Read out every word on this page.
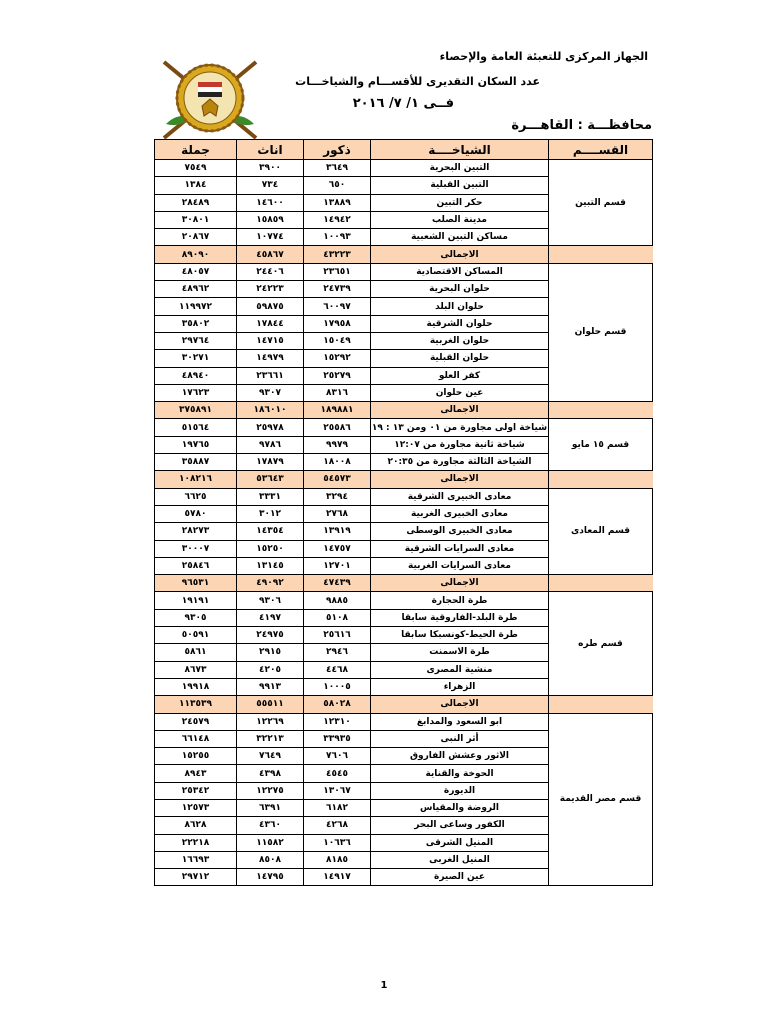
الجهاز المركزى للتعبئة العامة والإحصاء
عدد السكان التقديرى للأقســـام والشياخـــات
فــى ١/ ٧/ ٢٠١٦
محافظـــة : القاهـــرة
القســــم	الشياخــــة	ذكور	اناث	جملة
قسم التبين	التبين البحرية	٣٦٤٩	٣٩٠٠	٧٥٤٩
	التبين القبلية	٦٥٠	٧٣٤	١٣٨٤
	حكر التبين	١٣٨٨٩	١٤٦٠٠	٢٨٤٨٩
	مدينة الصلب	١٤٩٤٢	١٥٨٥٩	٣٠٨٠١
	مساكن التبين الشعبية	١٠٠٩٣	١٠٧٧٤	٢٠٨٦٧
	الاجمالى	٤٣٢٢٣	٤٥٨٦٧	٨٩٠٩٠
قسم حلوان	المساكن الاقتصادية	٢٣٦٥١	٢٤٤٠٦	٤٨٠٥٧
	حلوان البحرية	٢٤٧٣٩	٢٤٢٢٣	٤٨٩٦٢
	حلوان البلد	٦٠٠٩٧	٥٩٨٧٥	١١٩٩٧٢
	حلوان الشرقية	١٧٩٥٨	١٧٨٤٤	٣٥٨٠٢
	حلوان الغربية	١٥٠٤٩	١٤٧١٥	٢٩٧٦٤
	حلوان القبلية	١٥٢٩٢	١٤٩٧٩	٣٠٢٧١
	كفر العلو	٢٥٢٧٩	٢٣٦٦١	٤٨٩٤٠
	عين حلوان	٨٣١٦	٩٣٠٧	١٧٦٢٣
	الاجمالى	١٨٩٨٨١	١٨٦٠١٠	٣٧٥٨٩١
قسم ١٥ مايو	شياخة اولى مجاورة من ٠١ ومن ١٣ : ١٩	٢٥٥٨٦	٢٥٩٧٨	٥١٥٦٤
	شياخة ثانية مجاورة من ١٢:٠٧	٩٩٧٩	٩٧٨٦	١٩٧٦٥
	الشياخة الثالثة مجاورة من ٢٠:٣٥	١٨٠٠٨	١٧٨٧٩	٣٥٨٨٧
	الاجمالى	٥٤٥٧٣	٥٣٦٤٣	١٠٨٢١٦
قسم المعادى	معادى الخبيرى الشرقية	٣٢٩٤	٣٣٣١	٦٦٢٥
	معادى الخبيرى الغربية	٢٧٦٨	٣٠١٢	٥٧٨٠
	معادى الخبيرى الوسطى	١٣٩١٩	١٤٣٥٤	٢٨٢٧٣
	معادى السرايات الشرقية	١٤٧٥٧	١٥٢٥٠	٣٠٠٠٧
	معادى السرايات الغربية	١٢٧٠١	١٣١٤٥	٢٥٨٤٦
	الاجمالى	٤٧٤٣٩	٤٩٠٩٢	٩٦٥٣١
قسم طره	طرة الحجارة	٩٨٨٥	٩٣٠٦	١٩١٩١
	طرة البلد-الفاروقية سابقا	٥١٠٨	٤١٩٧	٩٣٠٥
	طرة الحيط-كونسبكا سابقا	٢٥٦١٦	٢٤٩٧٥	٥٠٥٩١
	طرة الاسمنت	٢٩٤٦	٢٩١٥	٥٨٦١
	منشية المصرى	٤٤٦٨	٤٢٠٥	٨٦٧٣
	الزهراء	١٠٠٠٥	٩٩١٣	١٩٩١٨
	الاجمالى	٥٨٠٢٨	٥٥٥١١	١١٣٥٣٩
قسم مصر القديمة	ابو السعود والمدابغ	١٢٣١٠	١٢٢٦٩	٢٤٥٧٩
	أثر النبى	٣٣٩٣٥	٣٢٢١٣	٦٦١٤٨
	الاثور وعشش الفاروق	٧٦٠٦	٧٦٤٩	١٥٢٥٥
	الحوخة والقناية	٤٥٤٥	٤٣٩٨	٨٩٤٣
	الديورة	١٣٠٦٧	١٢٢٧٥	٢٥٣٤٢
	الروضة والمقياس	٦١٨٢	٦٣٩١	١٢٥٧٣
	الكفور وساعى البحر	٤٢٦٨	٤٣٦٠	٨٦٢٨
	المنيل الشرقى	١٠٦٣٦	١١٥٨٢	٢٢٢١٨
	المنيل الغربى	٨١٨٥	٨٥٠٨	١٦٦٩٣
	عين الصيرة	١٤٩١٧	١٤٧٩٥	٢٩٧١٢
1
